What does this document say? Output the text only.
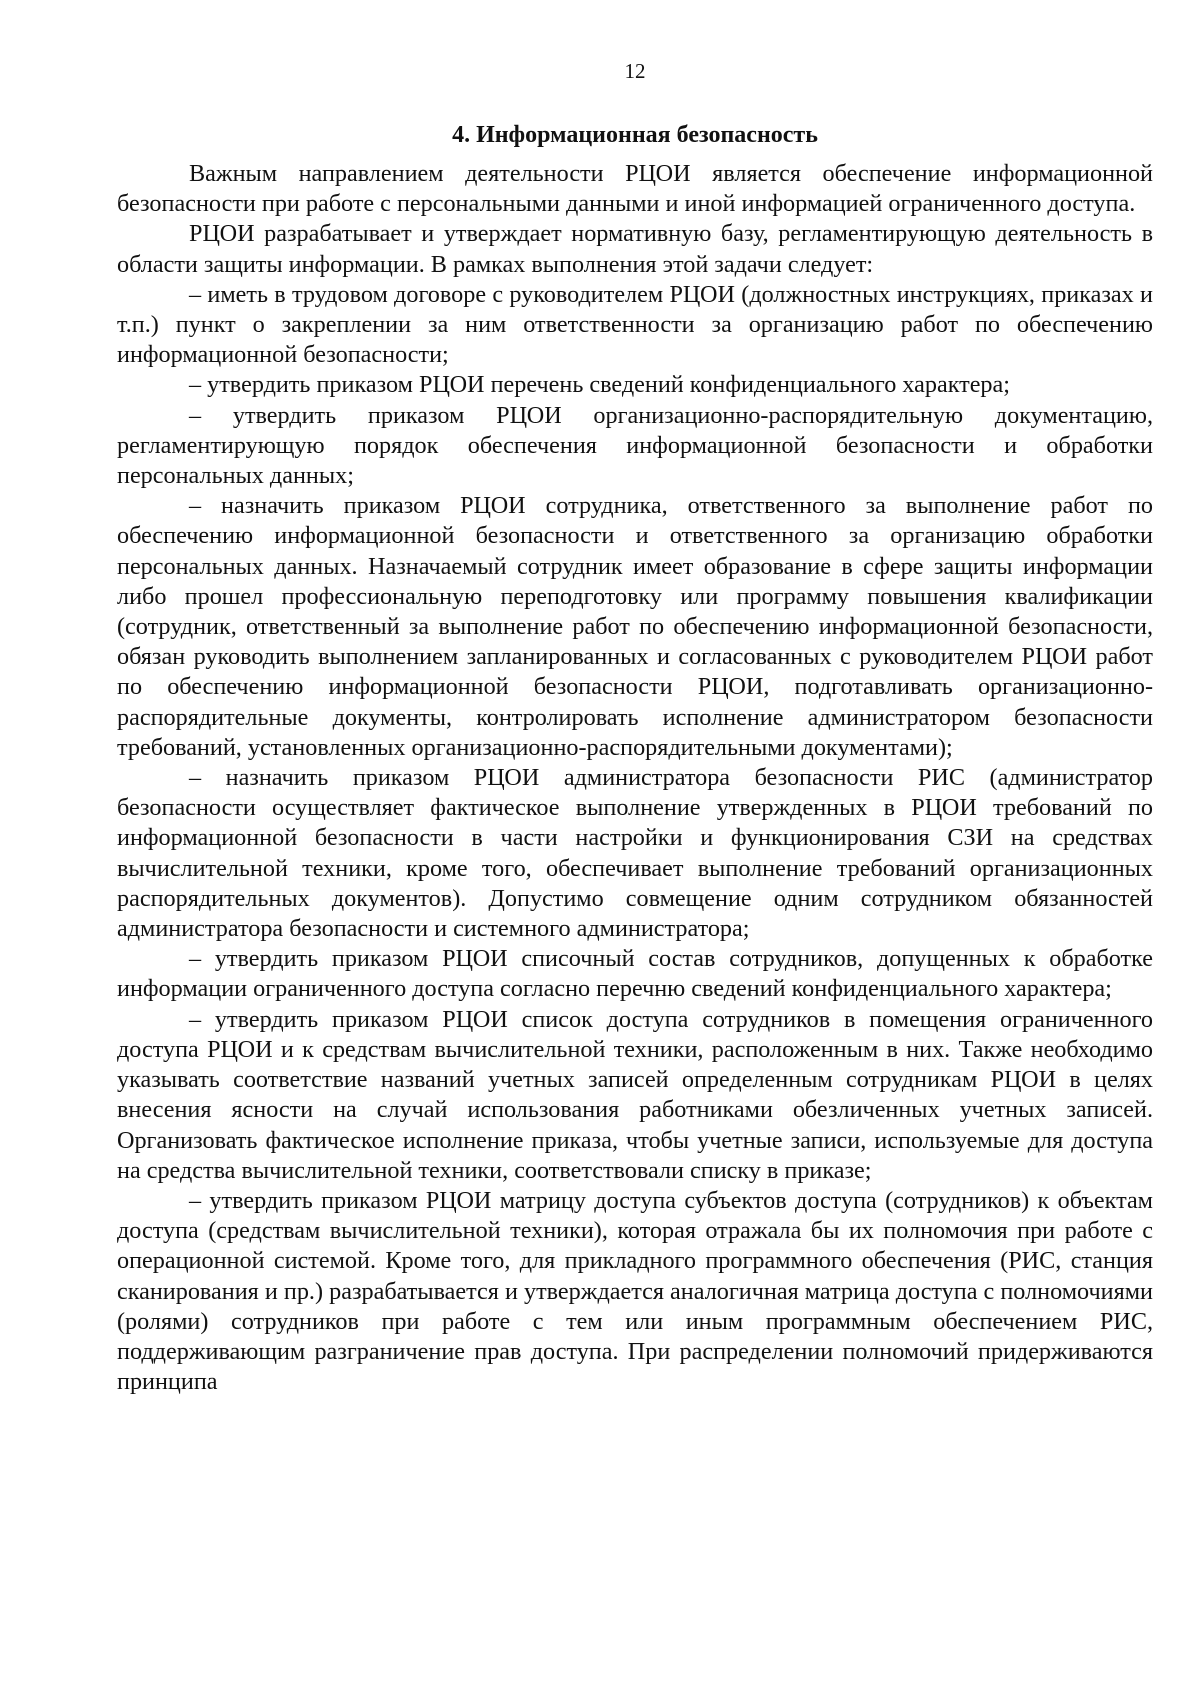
12
4. Информационная безопасность

Важным направлением деятельности РЦОИ является обеспечение информационной безопасности при работе с персональными данными и иной информацией ограниченного доступа.

РЦОИ разрабатывает и утверждает нормативную базу, регламентирующую деятельность в области защиты информации. В рамках выполнения этой задачи следует:

– иметь в трудовом договоре с руководителем РЦОИ (должностных инструкциях, приказах и т.п.) пункт о закреплении за ним ответственности за организацию работ по обеспечению информационной безопасности;

– утвердить приказом РЦОИ перечень сведений конфиденциального характера;

– утвердить приказом РЦОИ организационно-распорядительную документацию, регламентирующую порядок обеспечения информационной безопасности и обработки персональных данных;

– назначить приказом РЦОИ сотрудника, ответственного за выполнение работ по обеспечению информационной безопасности и ответственного за организацию обработки персональных данных. Назначаемый сотрудник имеет образование в сфере защиты информации либо прошел профессиональную переподготовку или программу повышения квалификации (сотрудник, ответственный за выполнение работ по обеспечению информационной безопасности, обязан руководить выполнением запланированных и согласованных с руководителем РЦОИ работ по обеспечению информационной безопасности РЦОИ, подготавливать организационно-распорядительные документы, контролировать исполнение администратором безопасности требований, установленных организационно-распорядительными документами);

– назначить приказом РЦОИ администратора безопасности РИС (администратор безопасности осуществляет фактическое выполнение утвержденных в РЦОИ требований по информационной безопасности в части настройки и функционирования СЗИ на средствах вычислительной техники, кроме того, обеспечивает выполнение требований организационных распорядительных документов). Допустимо совмещение одним сотрудником обязанностей администратора безопасности и системного администратора;

– утвердить приказом РЦОИ списочный состав сотрудников, допущенных к обработке информации ограниченного доступа согласно перечню сведений конфиденциального характера;

– утвердить приказом РЦОИ список доступа сотрудников в помещения ограниченного доступа РЦОИ и к средствам вычислительной техники, расположенным в них. Также необходимо указывать соответствие названий учетных записей определенным сотрудникам РЦОИ в целях внесения ясности на случай использования работниками обезличенных учетных записей. Организовать фактическое исполнение приказа, чтобы учетные записи, используемые для доступа на средства вычислительной техники, соответствовали списку в приказе;

– утвердить приказом РЦОИ матрицу доступа субъектов доступа (сотрудников) к объектам доступа (средствам вычислительной техники), которая отражала бы их полномочия при работе с операционной системой. Кроме того, для прикладного программного обеспечения (РИС, станция сканирования и пр.) разрабатывается и утверждается аналогичная матрица доступа с полномочиями (ролями) сотрудников при работе с тем или иным программным обеспечением РИС, поддерживающим разграничение прав доступа. При распределении полномочий придерживаются принципа
